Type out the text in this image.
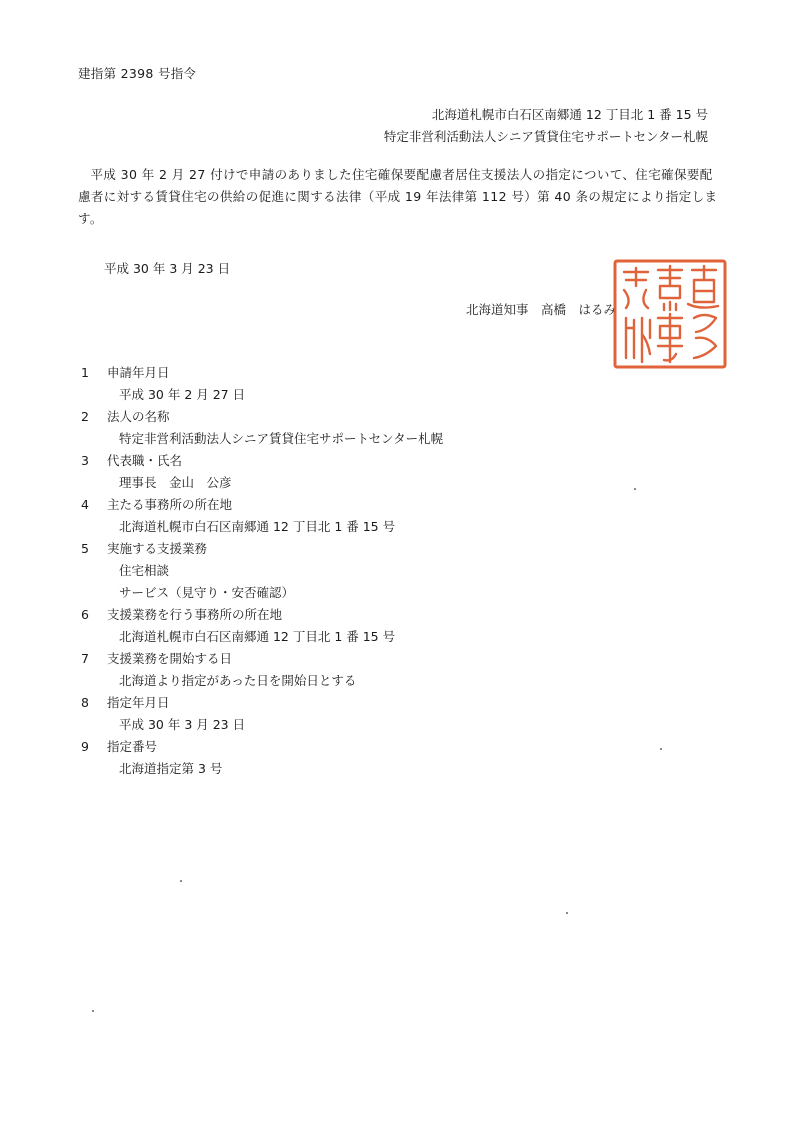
建指第 2398 号指令
北海道札幌市白石区南郷通 12 丁目北 1 番 15 号
特定非営利活動法人シニア賃貸住宅サポートセンター札幌
平成 30 年 2 月 27 付けで申請のありました住宅確保要配慮者居住支援法人の指定について、住宅確保要配慮者に対する賃貸住宅の供給の促進に関する法律（平成 19 年法律第 112 号）第 40 条の規定により指定します。
平成 30 年 3 月 23 日
北海道知事　 高橋　はるみ
1	申請年月日
平成 30 年 2 月 27 日
2	法人の名称
特定非営利活動法人シニア賃貸住宅サポートセンター札幌
3	代表職・氏名
理事長　金山　公彦
4	主たる事務所の所在地
北海道札幌市白石区南郷通 12 丁目北 1 番 15 号
5	実施する支援業務
住宅相談
サービス（見守り・安否確認）
6	支援業務を行う事務所の所在地
北海道札幌市白石区南郷通 12 丁目北 1 番 15 号
7	支援業務を開始する日
北海道より指定があった日を開始日とする
8	指定年月日
平成 30 年 3 月 23 日
9	指定番号
北海道指定第 3 号
